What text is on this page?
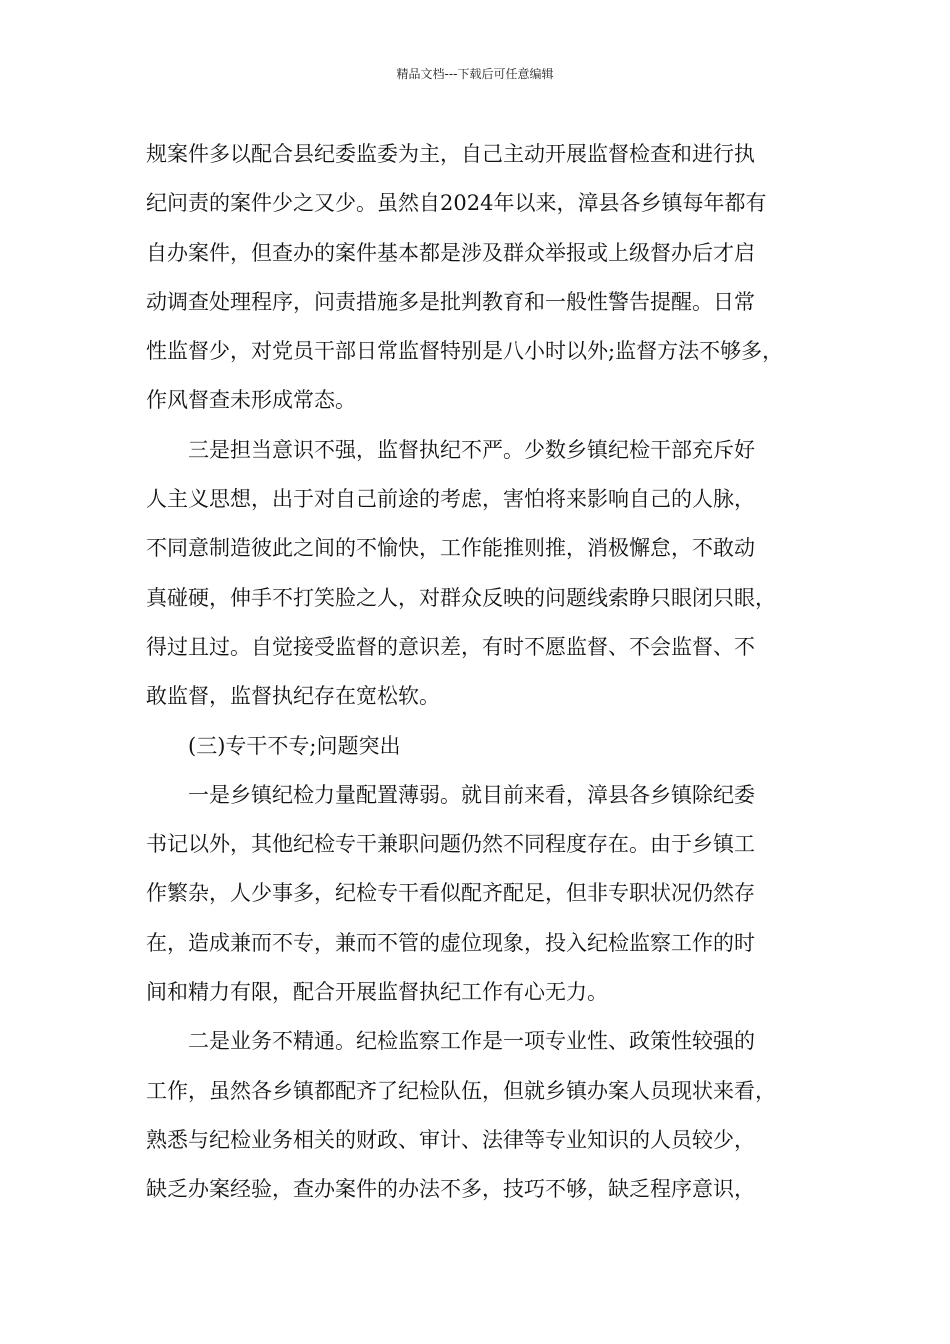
精品文档---下载后可任意编辑
规案件多以配合县纪委监委为主，自己主动开展监督检查和进行执
纪问责的案件少之又少。虽然自2024年以来，漳县各乡镇每年都有
自办案件，但查办的案件基本都是涉及群众举报或上级督办后才启
动调查处理程序，问责措施多是批判教育和一般性警告提醒。日常
性监督少，对党员干部日常监督特别是八小时以外;监督方法不够多，
作风督查未形成常态。
三是担当意识不强，监督执纪不严。少数乡镇纪检干部充斥好
人主义思想，出于对自己前途的考虑，害怕将来影响自己的人脉，
不同意制造彼此之间的不愉快，工作能推则推，消极懈怠，不敢动
真碰硬，伸手不打笑脸之人，对群众反映的问题线索睁只眼闭只眼，
得过且过。自觉接受监督的意识差，有时不愿监督、不会监督、不
敢监督，监督执纪存在宽松软。
(三)专干不专;问题突出
一是乡镇纪检力量配置薄弱。就目前来看，漳县各乡镇除纪委
书记以外，其他纪检专干兼职问题仍然不同程度存在。由于乡镇工
作繁杂，人少事多，纪检专干看似配齐配足，但非专职状况仍然存
在，造成兼而不专，兼而不管的虚位现象，投入纪检监察工作的时
间和精力有限，配合开展监督执纪工作有心无力。
二是业务不精通。纪检监察工作是一项专业性、政策性较强的
工作，虽然各乡镇都配齐了纪检队伍，但就乡镇办案人员现状来看，
熟悉与纪检业务相关的财政、审计、法律等专业知识的人员较少，
缺乏办案经验，查办案件的办法不多，技巧不够，缺乏程序意识，
